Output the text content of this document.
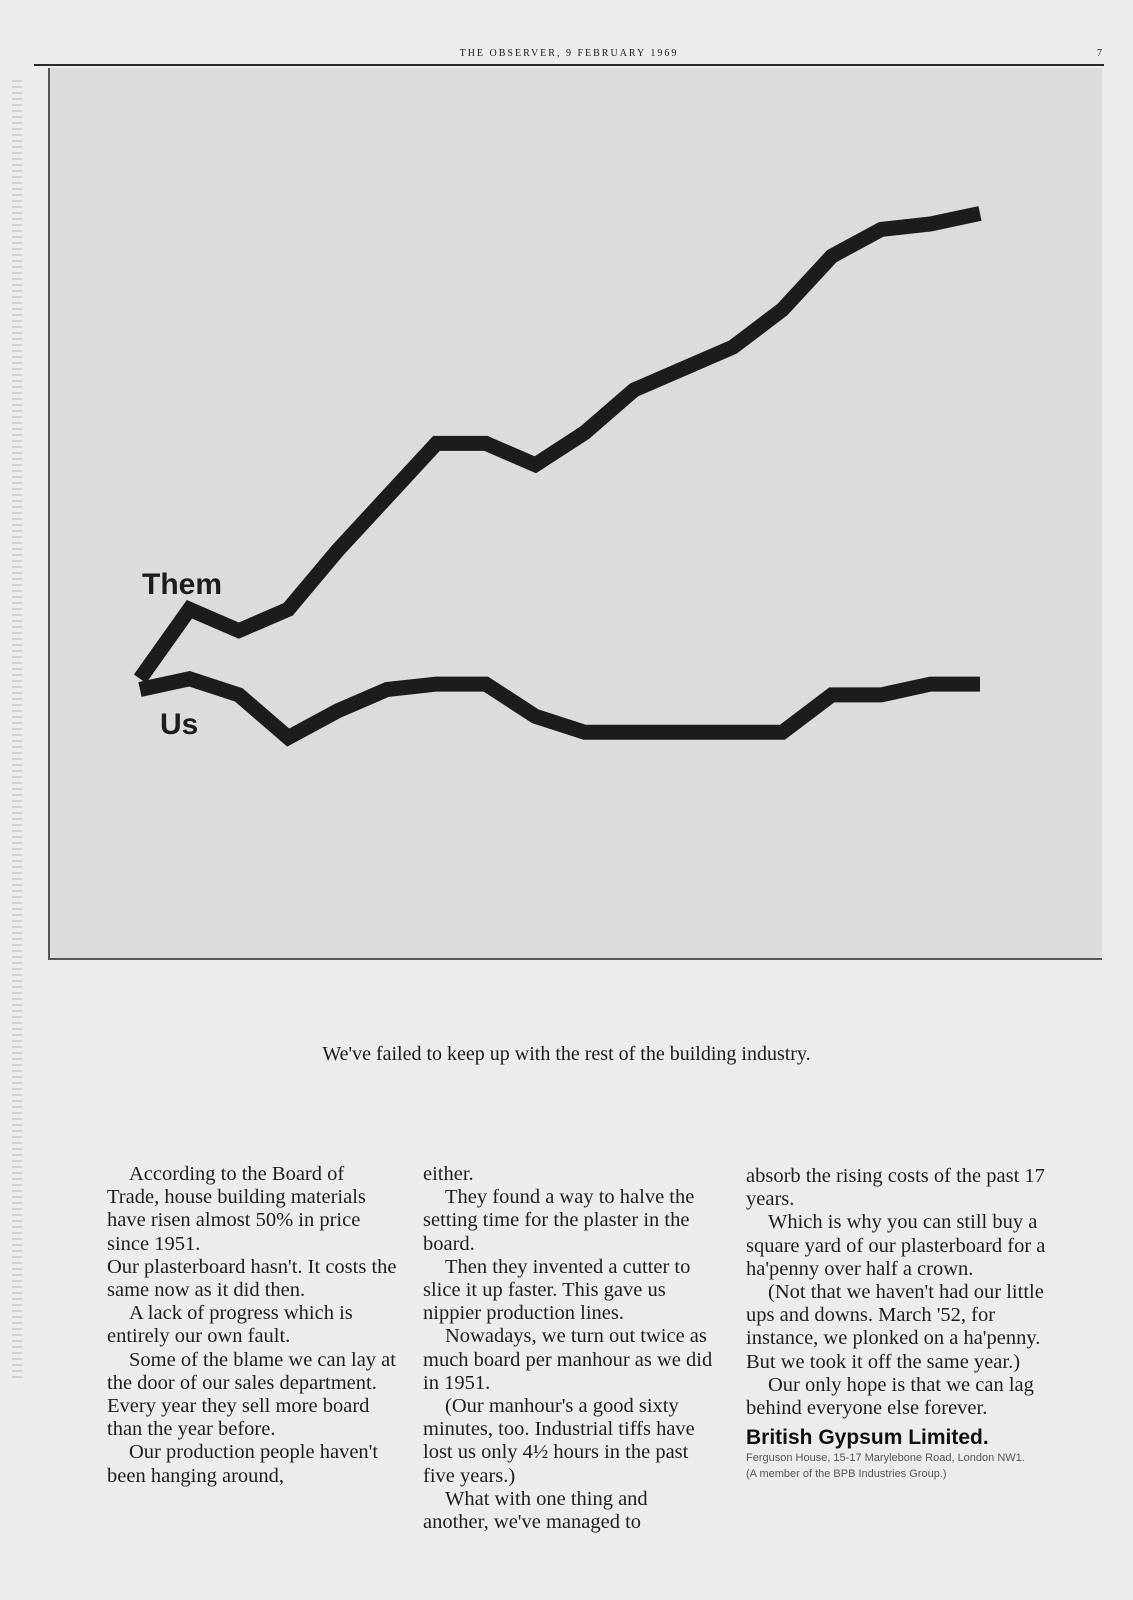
THE OBSERVER, 9 FEBRUARY 1969	7
Them
Us
We've failed to keep up with the rest of the building industry.

According to the Board of Trade, house building materials have risen almost 50% in price since 1951.

Our plasterboard hasn't. It costs the same now as it did then.

A lack of progress which is entirely our own fault.

Some of the blame we can lay at the door of our sales department. Every year they sell more board than the year before.

Our production people haven't been hanging around,

either.

They found a way to halve the setting time for the plaster in the board.

Then they invented a cutter to slice it up faster. This gave us nippier production lines.

Nowadays, we turn out twice as much board per manhour as we did in 1951.

(Our manhour's a good sixty minutes, too. Industrial tiffs have lost us only 4½ hours in the past five years.)

What with one thing and another, we've managed to

absorb the rising costs of the past 17 years.

Which is why you can still buy a square yard of our plasterboard for a ha'penny over half a crown.

(Not that we haven't had our little ups and downs. March '52, for instance, we plonked on a ha'penny. But we took it off the same year.)

Our only hope is that we can lag behind everyone else forever.

British Gypsum Limited.
Ferguson House, 15-17 Marylebone Road, London NW1.
(A member of the BPB Industries Group.)
